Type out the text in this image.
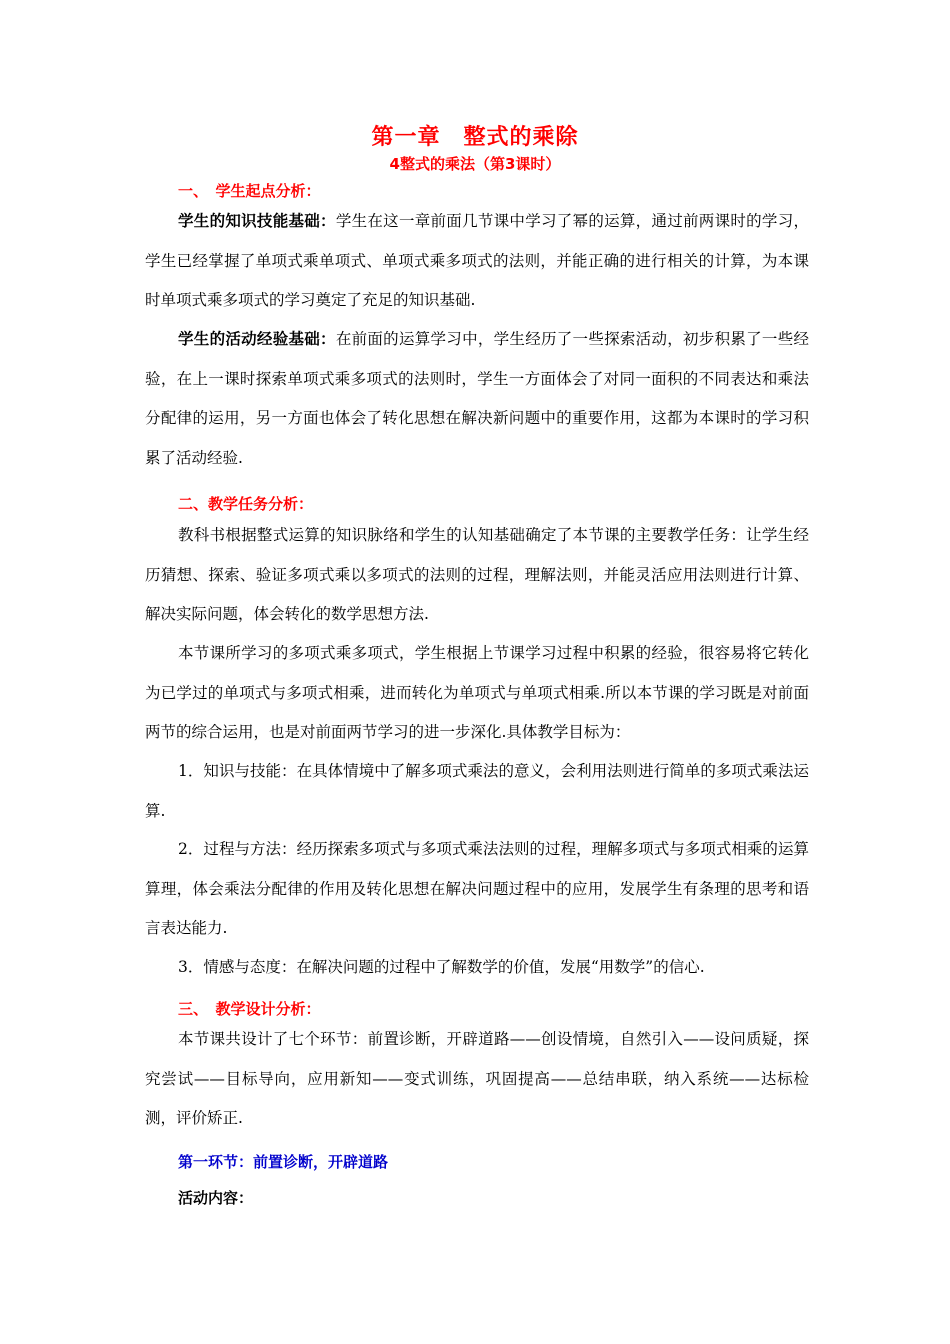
第一章　整式的乘除
4整式的乘法（第3课时）
一、　学生起点分析：

学生的知识技能基础：学生在这一章前面几节课中学习了幂的运算，通过前两课时的学习，学生已经掌握了单项式乘单项式、单项式乘多项式的法则，并能正确的进行相关的计算，为本课时单项式乘多项式的学习奠定了充足的知识基础.

学生的活动经验基础：在前面的运算学习中，学生经历了一些探索活动，初步积累了一些经验，在上一课时探索单项式乘多项式的法则时，学生一方面体会了对同一面积的不同表达和乘法分配律的运用，另一方面也体会了转化思想在解决新问题中的重要作用，这都为本课时的学习积累了活动经验.

二、教学任务分析：

教科书根据整式运算的知识脉络和学生的认知基础确定了本节课的主要教学任务：让学生经历猜想、探索、验证多项式乘以多项式的法则的过程，理解法则，并能灵活应用法则进行计算、解决实际问题，体会转化的数学思想方法.

本节课所学习的多项式乘多项式，学生根据上节课学习过程中积累的经验，很容易将它转化为已学过的单项式与多项式相乘，进而转化为单项式与单项式相乘.所以本节课的学习既是对前面两节的综合运用，也是对前面两节学习的进一步深化.具体教学目标为：

1．知识与技能：在具体情境中了解多项式乘法的意义，会利用法则进行简单的多项式乘法运算.

2．过程与方法：经历探索多项式与多项式乘法法则的过程，理解多项式与多项式相乘的运算算理，体会乘法分配律的作用及转化思想在解决问题过程中的应用，发展学生有条理的思考和语言表达能力.

3．情感与态度：在解决问题的过程中了解数学的价值，发展“用数学”的信心.

三、　教学设计分析：

本节课共设计了七个环节：前置诊断，开辟道路——创设情境，自然引入——设问质疑，探究尝试——目标导向，应用新知——变式训练，巩固提高——总结串联，纳入系统——达标检测，评价矫正.

第一环节：前置诊断，开辟道路
活动内容：
